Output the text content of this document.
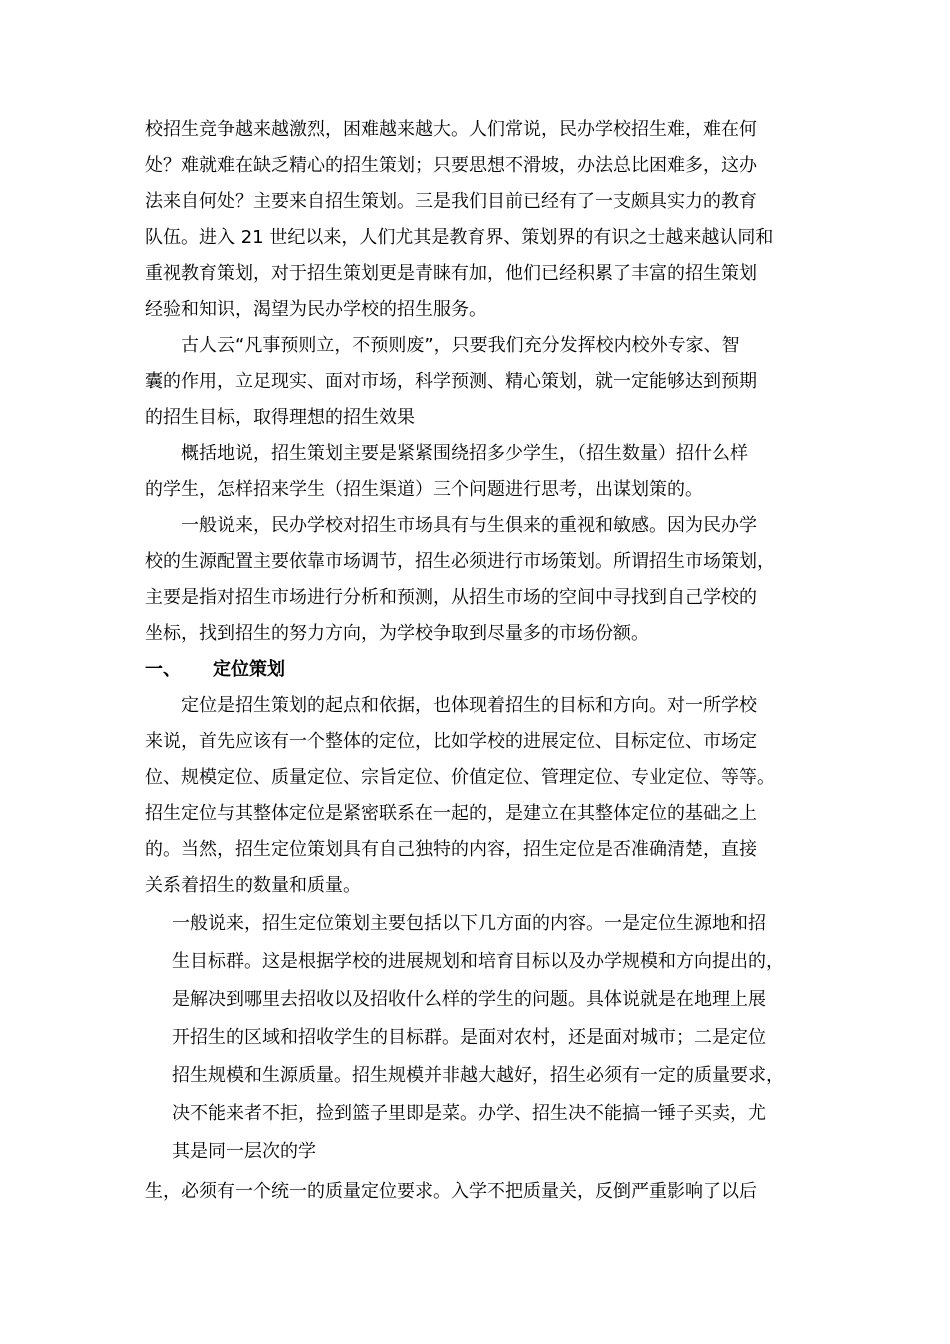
校招生竞争越来越激烈，困难越来越大。人们常说，民办学校招生难，难在何
处？难就难在缺乏精心的招生策划；只要思想不滑坡，办法总比困难多，这办
法来自何处？主要来自招生策划。三是我们目前已经有了一支颇具实力的教育
队伍。进入 21 世纪以来，人们尤其是教育界、策划界的有识之士越来越认同和
重视教育策划，对于招生策划更是青睐有加，他们已经积累了丰富的招生策划
经验和知识，渴望为民办学校的招生服务。
古人云“凡事预则立，不预则废”，只要我们充分发挥校内校外专家、智
囊的作用，立足现实、面对市场，科学预测、精心策划，就一定能够达到预期
的招生目标，取得理想的招生效果
概括地说，招生策划主要是紧紧围绕招多少学生，（招生数量）招什么样
的学生，怎样招来学生（招生渠道）三个问题进行思考，出谋划策的。
一般说来，民办学校对招生市场具有与生俱来的重视和敏感。因为民办学
校的生源配置主要依靠市场调节，招生必须进行市场策划。所谓招生市场策划，
主要是指对招生市场进行分析和预测，从招生市场的空间中寻找到自己学校的
坐标，找到招生的努力方向，为学校争取到尽量多的市场份额。
一、 定位策划
定位是招生策划的起点和依据，也体现着招生的目标和方向。对一所学校
来说，首先应该有一个整体的定位，比如学校的进展定位、目标定位、市场定
位、规模定位、质量定位、宗旨定位、价值定位、管理定位、专业定位、等等。
招生定位与其整体定位是紧密联系在一起的，是建立在其整体定位的基础之上
的。当然，招生定位策划具有自己独特的内容，招生定位是否准确清楚，直接
关系着招生的数量和质量。
一般说来，招生定位策划主要包括以下几方面的内容。一是定位生源地和招
生目标群。这是根据学校的进展规划和培育目标以及办学规模和方向提出的，
是解决到哪里去招收以及招收什么样的学生的问题。具体说就是在地理上展
开招生的区域和招收学生的目标群。是面对农村，还是面对城市；二是定位
招生规模和生源质量。招生规模并非越大越好，招生必须有一定的质量要求，
决不能来者不拒，捡到篮子里即是菜。办学、招生决不能搞一锤子买卖，尤
其是同一层次的学
生，必须有一个统一的质量定位要求。入学不把质量关，反倒严重影响了以后
